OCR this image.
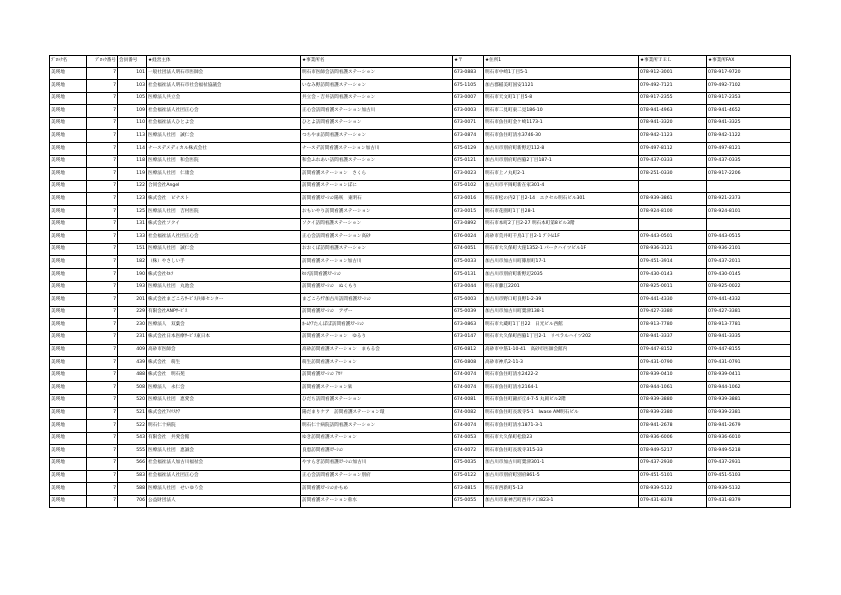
ﾌﾞﾛｯｸ名	ﾌﾞﾛｯｸ番号	会員番号	★経営主体	★事業所名	★〒	★住所1	★事業所ＴＥＬ	★事業所FAX
美瑛地	7	101	一般社団法人明石市医師会	明石市医師会訪問看護ステーション	673-0883	明石市中崎1丁目5-1	078-912-3001	078-917-9720
美瑛地	7	103	社会福祉法人明石市社会福祉協議会	いなみ野訪問看護ステーション	675-1105	加古郡稲美町国安1121	079-492-7121	079-492-7102
美瑛地	7	105	医療法人共立会	共立会・吉井訪問看護ステーション	673-0007	明石市天文町1丁目5-8	078-917-2355	078-917-2353
美瑛地	7	109	社会福祉法人社団正心会	正心会訪問看護ステーション加古川	673-0003	明石市二見町東二見186-10	078-941-4963	078-941-4652
美瑛地	7	110	社会福祉法人ひとよ会	ひとよ訪問看護ステーション	673-0071	明石市魚住町金ケ崎1173-1	078-941-3320	078-941-3325
美瑛地	7	113	医療法人社団　誠仁会	つちやま訪問看護ステーション	673-0874	明石市魚住町清水3746-30	078-942-1123	078-942-1122
美瑛地	7	114	ナースデメディカル株式会社	ナースデ訪問看護ステーション加古川	675-0129	加古川市別府町新野辺112-8	079-497-8112	079-497-8121
美瑛地	7	118	医療法人社団　和会医院	和会ふれあい訪問看護ステーション	675-0121	加古川市別府町西脇2丁目187-1	079-437-0333	079-437-0335
美瑛地	7	119	医療法人社団　仁康会	訪問看護ステーション　さくら	673-0023	明石市上ノ丸町2-1	078-251-0330	078-917-2206
美瑛地	7	122	合同会社Angel	訪問看護ステーションぽに	675-0102	加古川市平岡町新在家301-4		
美瑛地	7	123	株式会社　ピナスト	訪問看護ｽﾃｰｼｮﾝ陽咲　東明石	673-0016	明石市松の内2丁目2-14　エクセル明石ビル301	078-939-3861	078-921-2373
美瑛地	7	125	医療法人社団　吉村医院	おもいやり訪問看護ステーション	673-0015	明石市花園町1丁目28-1	078-924-8100	078-924-8101
美瑛地	7	131	株式会社ソクイ	ソクイ訪問看護ステーション	673-0892	明石市本町2丁目2-27 明石本町第8ビル3階		
美瑛地	7	133	社会福祉法人社団正心会	正心会訪問看護ステーション高砂	676-0024	高砂市荒井町千鳥1丁目2-1 ﾌﾟﾗｲﾑ1F	079-443-0501	079-443-0515
美瑛地	7	151	医療法人社団　誠仁会	おおくぼ訪問看護ステーション	674-0051	明石市大久保町大窪1352-1 パークハイツビル1F	078-936-3121	078-936-2101
美瑛地	7	182	（株）やさしい手	訪問看護ステーション加古川	675-0033	加古川市加古川町篠原町17-1	079-451-3914	079-437-2011
美瑛地	7	190	株式会社ｾﾙﾌ	ｾﾙﾌ訪問看護ｽﾃｰｼｮﾝ	675-0131	加古川市別府町新野辺2035	079-430-0143	079-430-0145
美瑛地	7	193	医療法人社団　丸池会	訪問看護ｽﾃｰｼｮﾝ　ぬくもり	673-0044	明石市藤江2201	078-925-0011	078-925-0022
美瑛地	7	201	株式会社まごころｻｰﾋﾞｽ兵庫センター	まごころｹｱ加古川訪問看護ｽﾃｰｼｮﾝ	675-0003	加古川市野口町良野1-2-39	079-441-4330	079-441-4332
美瑛地	7	229	有限会社ANPｻｰﾋﾞｽ	訪問看護ｽﾃｰｼｮﾝ　アザー	675-0039	加古川市加古川町粟津138-1	079-427-3380	079-427-3381
美瑛地	7	230	医療法人　双葉会	ﾎｰﾑｹｱたんぽぽ訪問看護ｽﾃｰｼｮﾝ	673-0863	明石市大蔵町1丁目22　日光ビル西館	078-913-7780	078-913-7781
美瑛地	7	231	株式会社日本医療ｻｰﾋﾞｽ東日本	訪問看護ステーション　ゆるり	673-0147	明石市大久保町西脇1丁目2-1　リベラルハイツ202	078-941-3337	078-941-3335
美瑛地	7	409	高砂市医師会	高砂訪問看護ステーション　まもる会	676-0812	高砂市中筋1-10-41　高砂市医師会館内	079-447-8152	079-447-8155
美瑛地	7	439	株式会社　萌生	萌生訪問看護ステーション	676-0808	高砂市神爪2-11-3	079-431-0790	079-431-0791
美瑛地	7	488	株式会社　明石苑	訪問看護ｽﾃｰｼｮﾝ ｱｶﾘ	674-0074	明石市魚住町清水2422-2	078-939-0410	078-939-0411
美瑛地	7	508	医療法人　永仁会	訪問看護ステーション栞	674-0074	明石市魚住町清水2164-1	078-944-1061	078-944-1062
美瑛地	7	520	医療法人社団　恵愛会	ひだち訪問看護ステーション	674-0081	明石市魚住町錦が丘4-7-5 丸岡ビル2階	078-939-3880	078-939-3881
美瑛地	7	521	株式会社ｱｲﾘｽｹｱ	陽だまりケア　訪問看護ステーション環	674-0082	明石市魚住町長坂寺5-1　Iwase AM明石ビル	078-939-2380	078-939-2381
美瑛地	7	522	明石仁十病院	明石仁十病院訪問看護ステーション	674-0074	明石市魚住町清水1871-3-1	078-941-2678	078-941-2679
美瑛地	7	543	有限会社　共愛会館	ゆき訪問看護ステーション	674-0053	明石市大久保町松陰23	078-936-6006	078-936-6010
美瑛地	7	555	医療法人社団　恵誠会	良恵訪問看護ｽﾃｰｼｮﾝ	674-0072	明石市魚住町長坂寺315-33	078-949-5217	078-949-5218
美瑛地	7	566	社会福祉法人加古川福祉会	やすらぎ訪問看護ｽﾃｰｼｮﾝ加古川	675-0035	加古川市加古川町粟津301-1	079-437-2930	079-437-2931
美瑛地	7	583	社会福祉法人社団正心会	正心会訪問看護ステーション別府	675-0122	加古川市別府町別府861-5	079-451-5101	079-451-5103
美瑛地	7	588	医療法人社団　せいゆう会	訪問看護ｽﾃｰｼｮﾝかもめ	673-0815	明石市西新町5-13	078-939-5122	078-939-5132
美瑛地	7	706	公益財団法人	訪問看護ステーション垂水	675-0055	加古川市東神吉町西井ノ口823-1	079-431-8378	079-431-8379
